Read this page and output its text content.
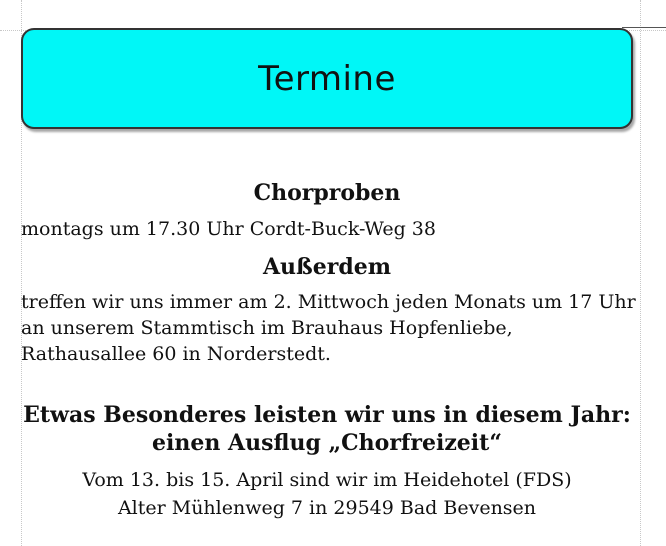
Termine
Chorproben
montags um 17.30 Uhr Cordt-Buck-Weg 38
Außerdem
treffen wir uns immer am 2. Mittwoch jeden Monats um 17 Uhr
an unserem Stammtisch im Brauhaus Hopfenliebe,
Rathausallee 60 in Norderstedt.
Etwas Besonderes leisten wir uns in diesem Jahr:
einen Ausflug „Chorfreizeit“
Vom 13. bis 15. April sind wir im Heidehotel (FDS)
Alter Mühlenweg 7 in 29549 Bad Bevensen
